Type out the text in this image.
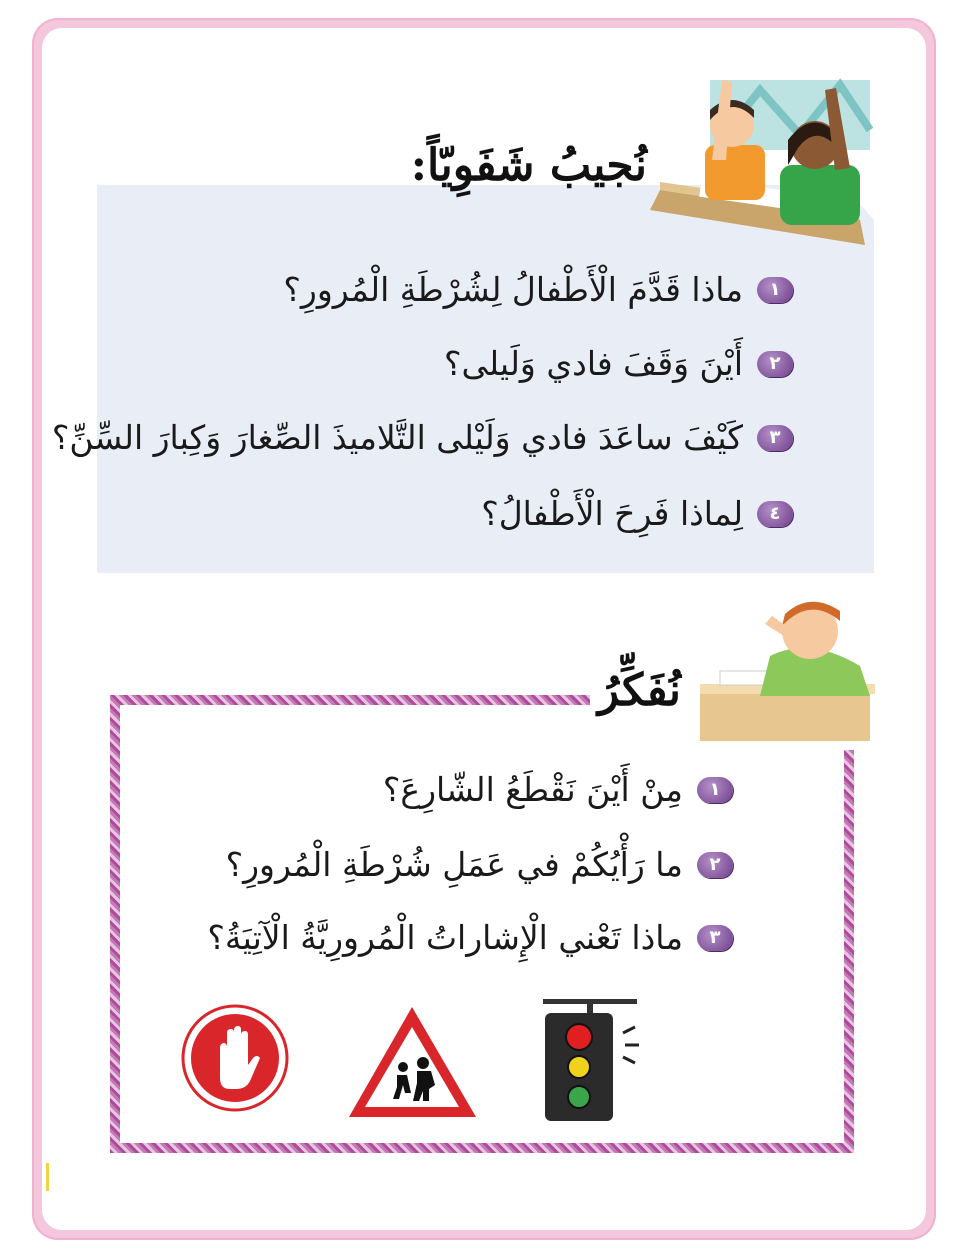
نُجيبُ شَفَوِيّاً:
١
ماذا قَدَّمَ الْأَطْفالُ لِشُرْطَةِ الْمُرورِ؟
٢
أَيْنَ وَقَفَ فادي وَلَيلى؟
٣
كَيْفَ ساعَدَ فادي وَلَيْلى التَّلاميذَ الصِّغارَ وَكِبارَ السِّنِّ؟
٤
لِماذا فَرِحَ الْأَطْفالُ؟
نُفَكِّرُ
١
مِنْ أَيْنَ نَقْطَعُ الشّارِعَ؟
٢
ما رَأْيُكُمْ في عَمَلِ شُرْطَةِ الْمُرورِ؟
٣
ماذا تَعْني الْإِشاراتُ الْمُرورِيَّةُ الْآتِيَةُ؟
